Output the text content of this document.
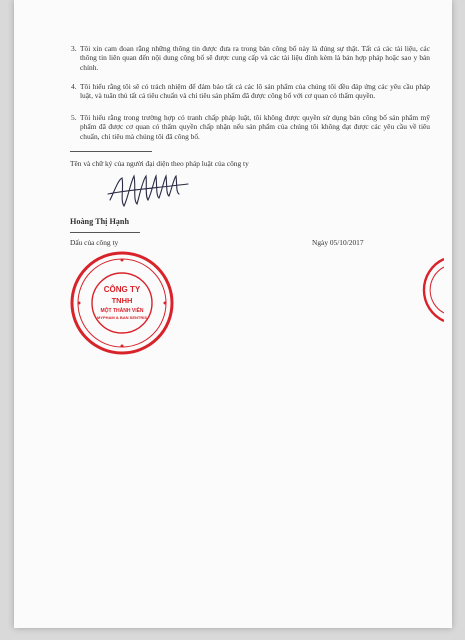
3. Tôi xin cam đoan rằng những thông tin được đưa ra trong bản công bố này là đúng sự thật. Tất cả các tài liệu, các thông tin liên quan đến nội dung công bố sẽ được cung cấp và các tài liệu đính kèm là bản hợp pháp hoặc sao y bản chính.
4. Tôi hiểu rằng tôi sẽ có trách nhiệm để đảm bảo tất cả các lô sản phẩm của chúng tôi đều đáp ứng các yêu cầu pháp luật, và tuân thủ tất cả tiêu chuẩn và chỉ tiêu sản phẩm đã được công bố với cơ quan có thẩm quyền.
5. Tôi hiểu rằng trong trường hợp có tranh chấp pháp luật, tôi không được quyền sử dụng bản công bố sản phẩm mỹ phẩm đã được cơ quan có thẩm quyền chấp nhận nếu sản phẩm của chúng tôi không đạt được các yêu cầu về tiêu chuẩn, chỉ tiêu mà chúng tôi đã công bố.
Tên và chữ ký của người đại diện theo pháp luật của công ty
Hoàng Thị Hạnh
Dấu của công ty	Ngày 05/10/2017
CÔNG TY
TNHH
MỘT THÀNH VIÊN
MYPHAM & BAN SENTRIS
